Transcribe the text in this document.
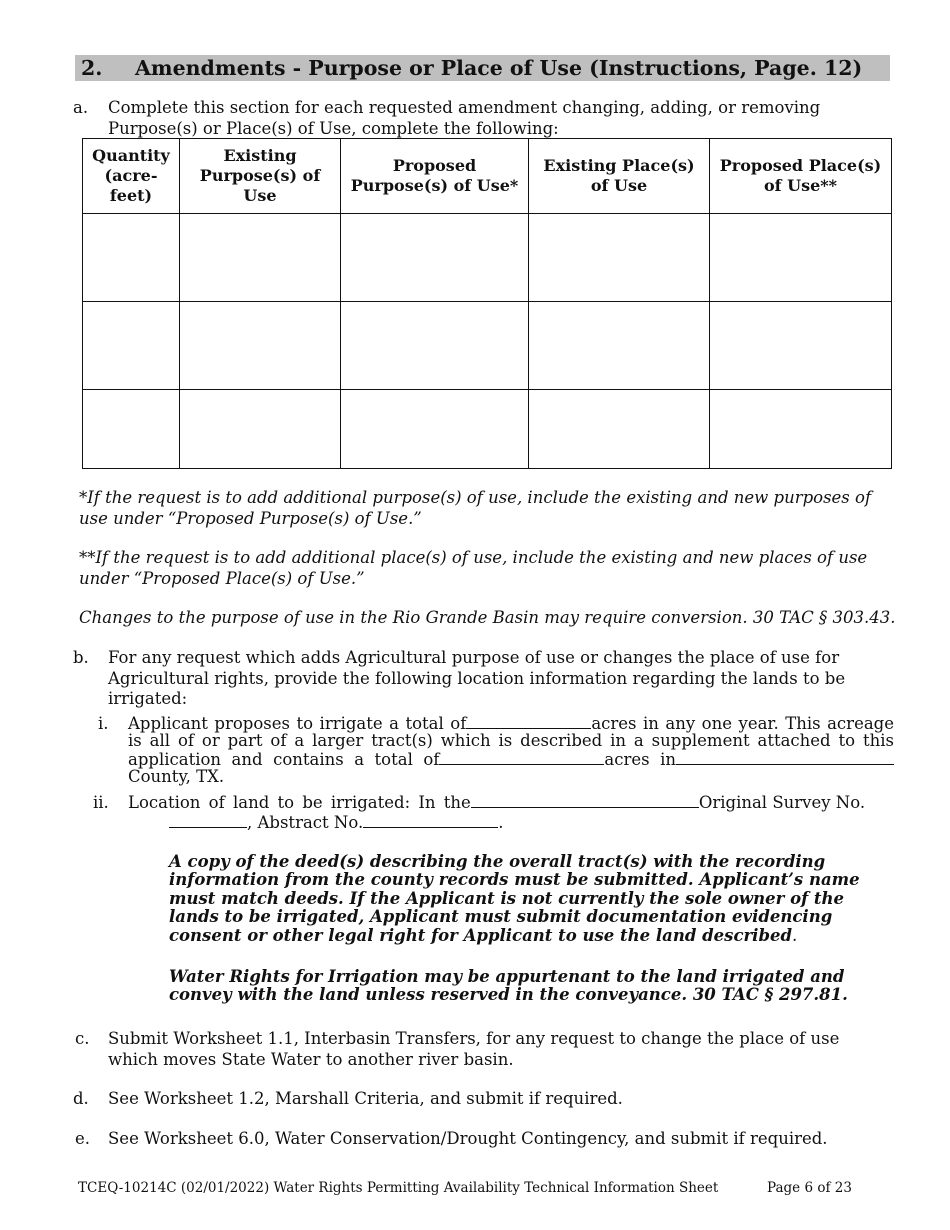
2. Amendments - Purpose or Place of Use (Instructions, Page. 12)
a. Complete this section for each requested amendment changing, adding, or removing Purpose(s) or Place(s) of Use, complete the following:
Quantity (acre-feet)	Existing Purpose(s) of Use	Proposed Purpose(s) of Use*	Existing Place(s) of Use	Proposed Place(s) of Use**

*If the request is to add additional purpose(s) of use, include the existing and new purposes of use under “Proposed Purpose(s) of Use.”
**If the request is to add additional place(s) of use, include the existing and new places of use under “Proposed Place(s) of Use.”
Changes to the purpose of use in the Rio Grande Basin may require conversion. 30 TAC § 303.43.
b. For any request which adds Agricultural purpose of use or changes the place of use for Agricultural rights, provide the following location information regarding the lands to be irrigated:
i. Applicant proposes to irrigate a total of	acres in any one year. This acreage is all of or part of a larger tract(s) which is described in a supplement attached to this application and contains a total of	acres in County, TX.
ii. Location of land to be irrigated: In the	Original Survey No.
, Abstract No.	.
A copy of the deed(s) describing the overall tract(s) with the recording information from the county records must be submitted. Applicant’s name must match deeds. If the Applicant is not currently the sole owner of the lands to be irrigated, Applicant must submit documentation evidencing consent or other legal right for Applicant to use the land described.
Water Rights for Irrigation may be appurtenant to the land irrigated and convey with the land unless reserved in the conveyance. 30 TAC § 297.81.
c. Submit Worksheet 1.1, Interbasin Transfers, for any request to change the place of use which moves State Water to another river basin.
d. See Worksheet 1.2, Marshall Criteria, and submit if required.
e. See Worksheet 6.0, Water Conservation/Drought Contingency, and submit if required.
TCEQ-10214C (02/01/2022) Water Rights Permitting Availability Technical Information Sheet	Page 6 of 23
